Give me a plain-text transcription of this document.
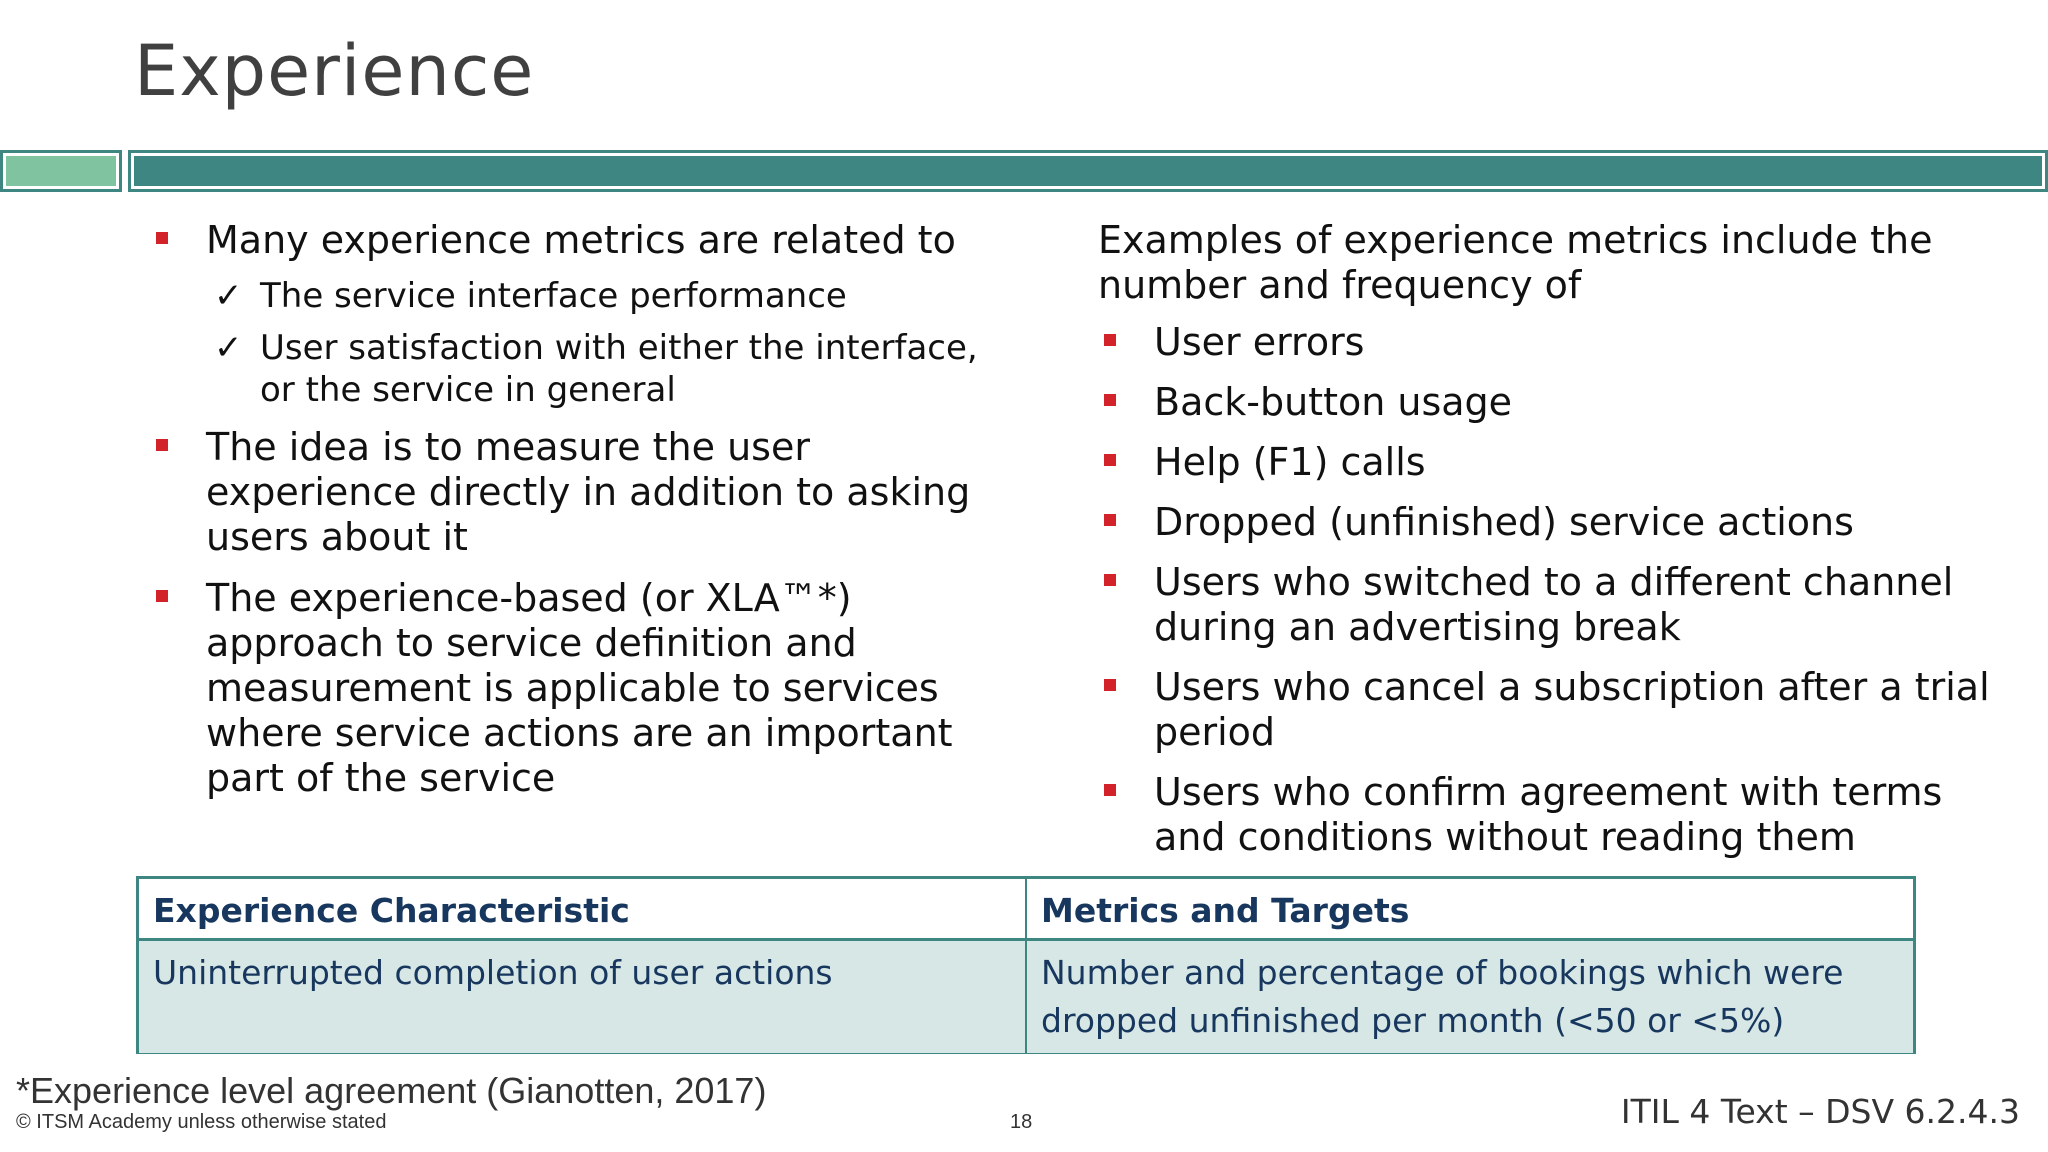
Experience
Many experience metrics are related to
✓ The service interface performance
✓ User satisfaction with either the interface, or the service in general
The idea is to measure the user experience directly in addition to asking users about it
The experience-based (or XLA™*) approach to service definition and measurement is applicable to services where service actions are an important part of the service
Examples of experience metrics include the number and frequency of
User errors
Back-button usage
Help (F1) calls
Dropped (unfinished) service actions
Users who switched to a different channel during an advertising break
Users who cancel a subscription after a trial period
Users who confirm agreement with terms and conditions without reading them
Experience Characteristic	Metrics and Targets
Uninterrupted completion of user actions	Number and percentage of bookings which were dropped unfinished per month (<50 or <5%)
*Experience level agreement (Gianotten, 2017)
© ITSM Academy unless otherwise stated	18	ITIL 4 Text – DSV 6.2.4.3
